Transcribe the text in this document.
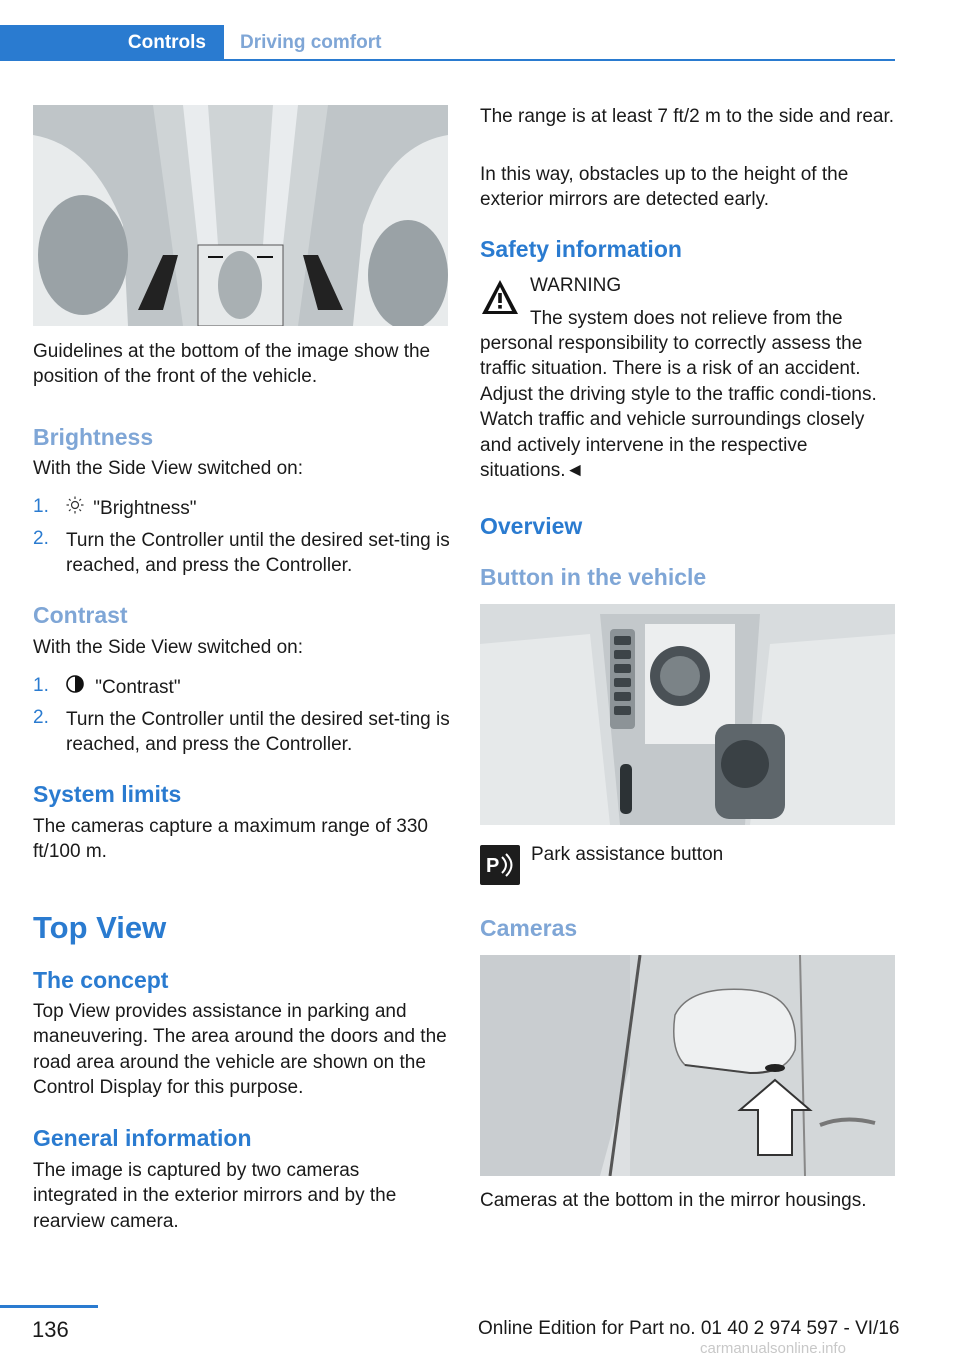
Controls	Driving comfort
Guidelines at the bottom of the image show the position of the front of the vehicle.
Brightness
With the Side View switched on:
1.	"Brightness"
2. Turn the Controller until the desired set‐ting is reached, and press the Controller.
Contrast
With the Side View switched on:
1.	"Contrast"
2. Turn the Controller until the desired set‐ting is reached, and press the Controller.
System limits
The cameras capture a maximum range of 330 ft/100 m.
Top View
The concept
Top View provides assistance in parking and maneuvering. The area around the doors and the road area around the vehicle are shown on the Control Display for this purpose.
General information
The image is captured by two cameras integrated in the exterior mirrors and by the rearview camera.
The range is at least 7 ft/2 m to the side and rear.
In this way, obstacles up to the height of the exterior mirrors are detected early.
Safety information
WARNING
The system does not relieve from the
personal responsibility to correctly assess the traffic situation. There is a risk of an accident. Adjust the driving style to the traffic condi‐tions. Watch traffic and vehicle surroundings closely and actively intervene in the respective situations.◄
Overview
Button in the vehicle
P
Park assistance button
Cameras
Cameras at the bottom in the mirror housings.
136	Online Edition for Part no. 01 40 2 974 597 - VI/16
carmanualsonline.info
